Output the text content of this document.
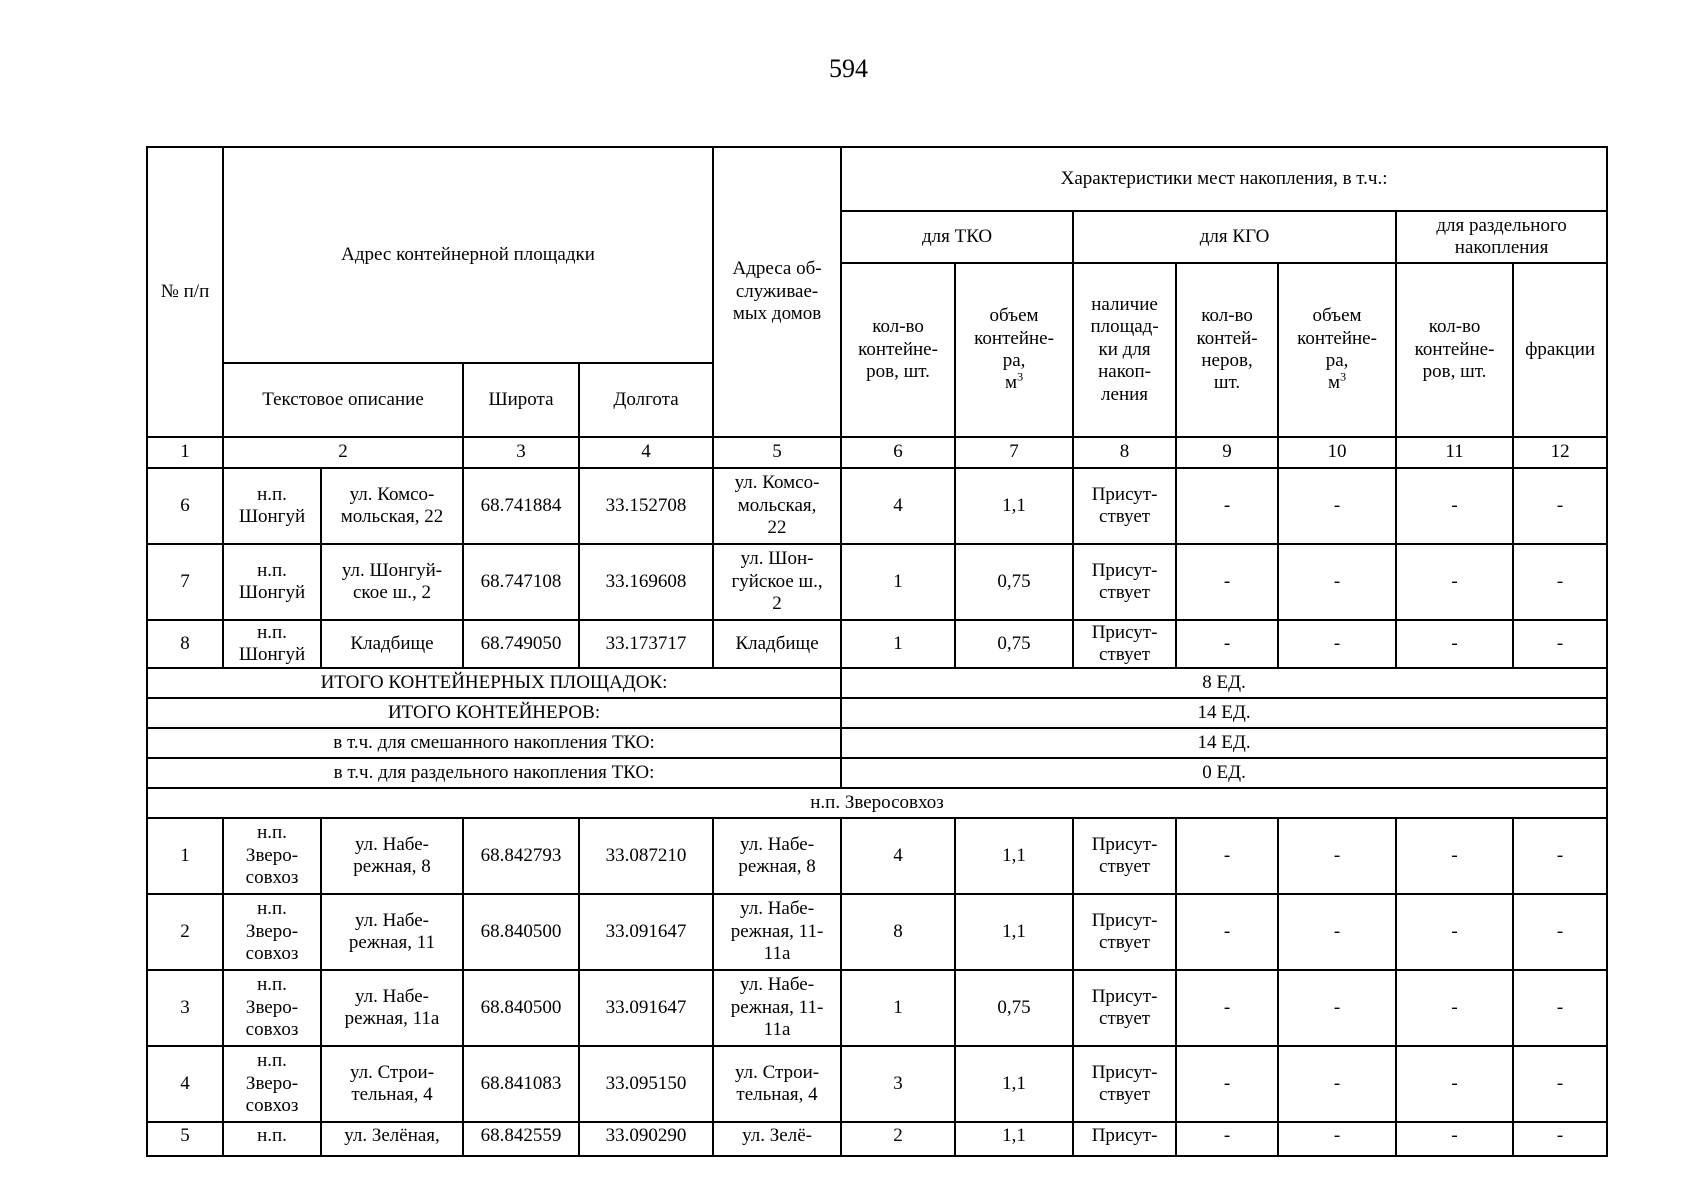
594
№ п/п	Адрес контейнерной площадки				Адреса об-
служивае-
мых домов	Характеристики мест накопления, в т.ч.:						
						для ТКО		для КГО			для раздельного
накопления	
						кол-во
контейне-
ров, шт.	объем
контейне-
ра,
$м^3$	наличие
площад-
ки для
накоп-
ления	кол-во
контей-
неров,
шт.	объем
контейне-
ра,
$м^3$	кол-во
контейне-
ров, шт.	фракции
	Текстовое описание		Широта	Долгота								
1	2		3	4	5	6	7	8	9	10	11	12
6	н.п.
Шонгуй	ул. Комсо-
мольская, 22	68.741884	33.152708	ул. Комсо-
мольская,
22	4	1,1	Присут-
ствует	-	-	-	-
7	н.п.
Шонгуй	ул. Шонгуй-
ское ш., 2	68.747108	33.169608	ул. Шон-
гуйское ш.,
2	1	0,75	Присут-
ствует	-	-	-	-
8	н.п.
Шонгуй	Кладбище	68.749050	33.173717	Кладбище	1	0,75	Присут-
ствует	-	-	-	-
ИТОГО КОНТЕЙНЕРНЫХ ПЛОЩАДОК:						8 ЕД.						
ИТОГО КОНТЕЙНЕРОВ:						14 ЕД.						
в т.ч. для смешанного накопления ТКО:						14 ЕД.						
в т.ч. для раздельного накопления ТКО:						0 ЕД.						
н.п. Зверосовхоз												
1	н.п.
Зверо-
совхоз	ул. Набе-
режная, 8	68.842793	33.087210	ул. Набе-
режная, 8	4	1,1	Присут-
ствует	-	-	-	-
2	н.п.
Зверо-
совхоз	ул. Набе-
режная, 11	68.840500	33.091647	ул. Набе-
режная, 11-
11а	8	1,1	Присут-
ствует	-	-	-	-
3	н.п.
Зверо-
совхоз	ул. Набе-
режная, 11а	68.840500	33.091647	ул. Набе-
режная, 11-
11а	1	0,75	Присут-
ствует	-	-	-	-
4	н.п.
Зверо-
совхоз	ул. Строи-
тельная, 4	68.841083	33.095150	ул. Строи-
тельная, 4	3	1,1	Присут-
ствует	-	-	-	-
5	н.п.	ул. Зелёная,	68.842559	33.090290	ул. Зелё-	2	1,1	Присут-	-	-	-	-
